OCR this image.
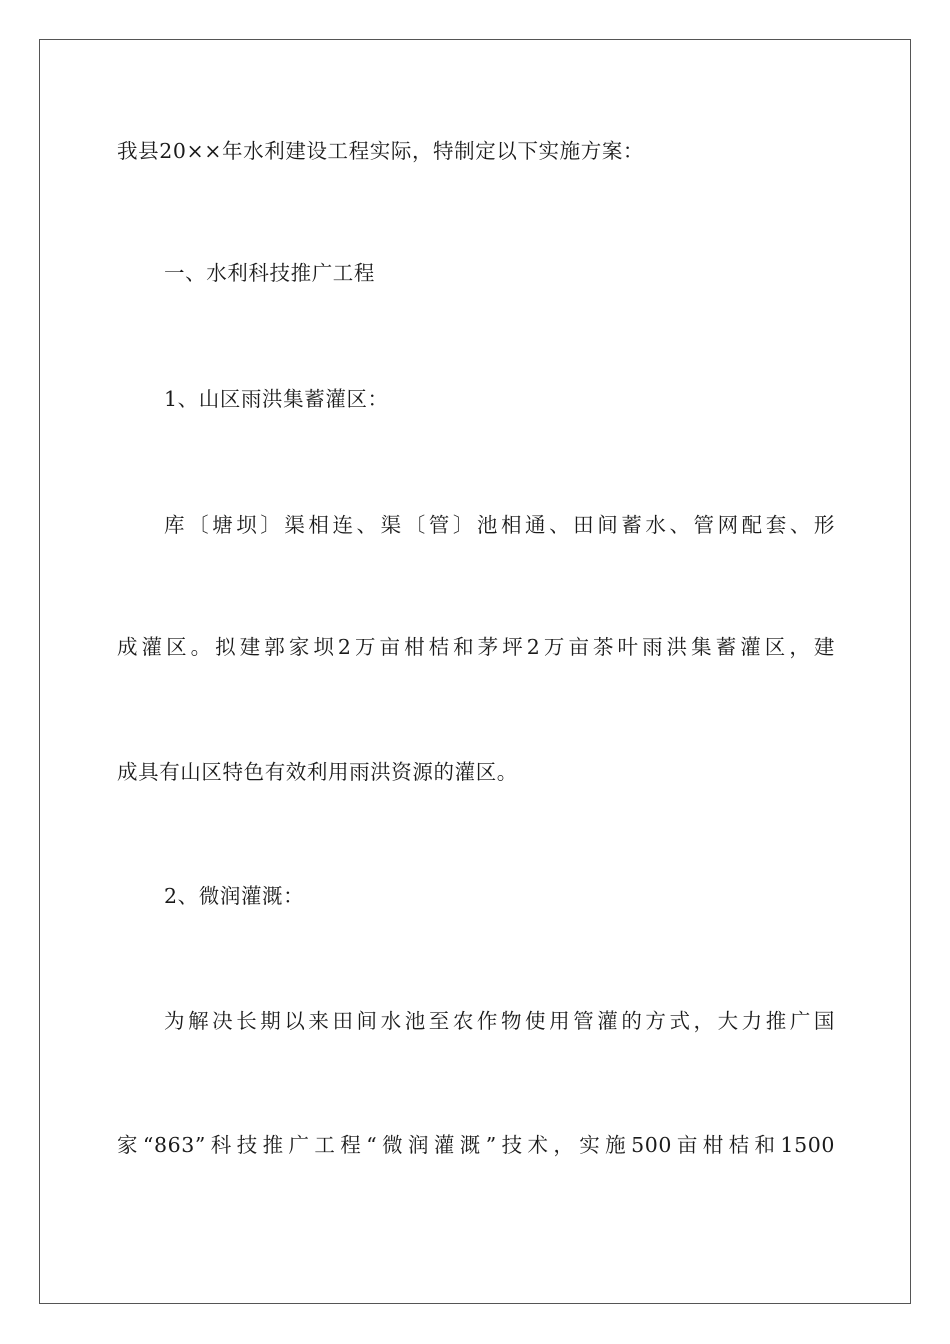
我县20××年水利建设工程实际，特制定以下实施方案：
一、水利科技推广工程
1、山区雨洪集蓄灌区：
库〔塘坝〕渠相连、渠〔管〕池相通、田间蓄水、管网配套、形
成灌区。拟建郭家坝2万亩柑桔和茅坪2万亩茶叶雨洪集蓄灌区，建
成具有山区特色有效利用雨洪资源的灌区。
2、微润灌溉：
为解决长期以来田间水池至农作物使用管灌的方式，大力推广国
家“863”科技推广工程“微润灌溉”技术，实施500亩柑桔和1500
